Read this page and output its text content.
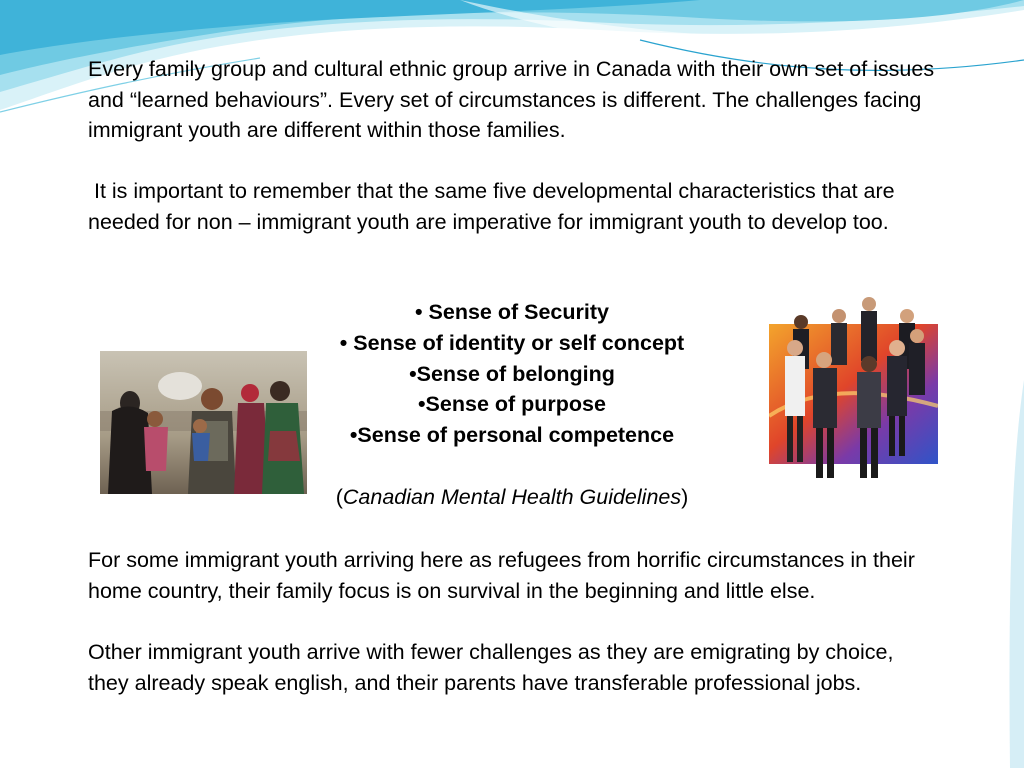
Every family group and cultural ethnic group arrive in Canada with their own set of issues and “learned behaviours”. Every set of circumstances is different. The challenges facing immigrant youth are different within those families.

It is important to remember that the same five developmental characteristics that are needed for non – immigrant youth are imperative for immigrant youth to develop too.

• Sense of Security
• Sense of identity or self concept
•Sense of belonging
•Sense of purpose
•Sense of personal competence
(Canadian Mental Health Guidelines)

For some immigrant youth arriving here as refugees from horrific circumstances in their home country, their family focus is on survival in the beginning and little else.

Other immigrant youth arrive with fewer challenges as they are emigrating by choice, they already speak english, and their parents have transferable professional jobs.
